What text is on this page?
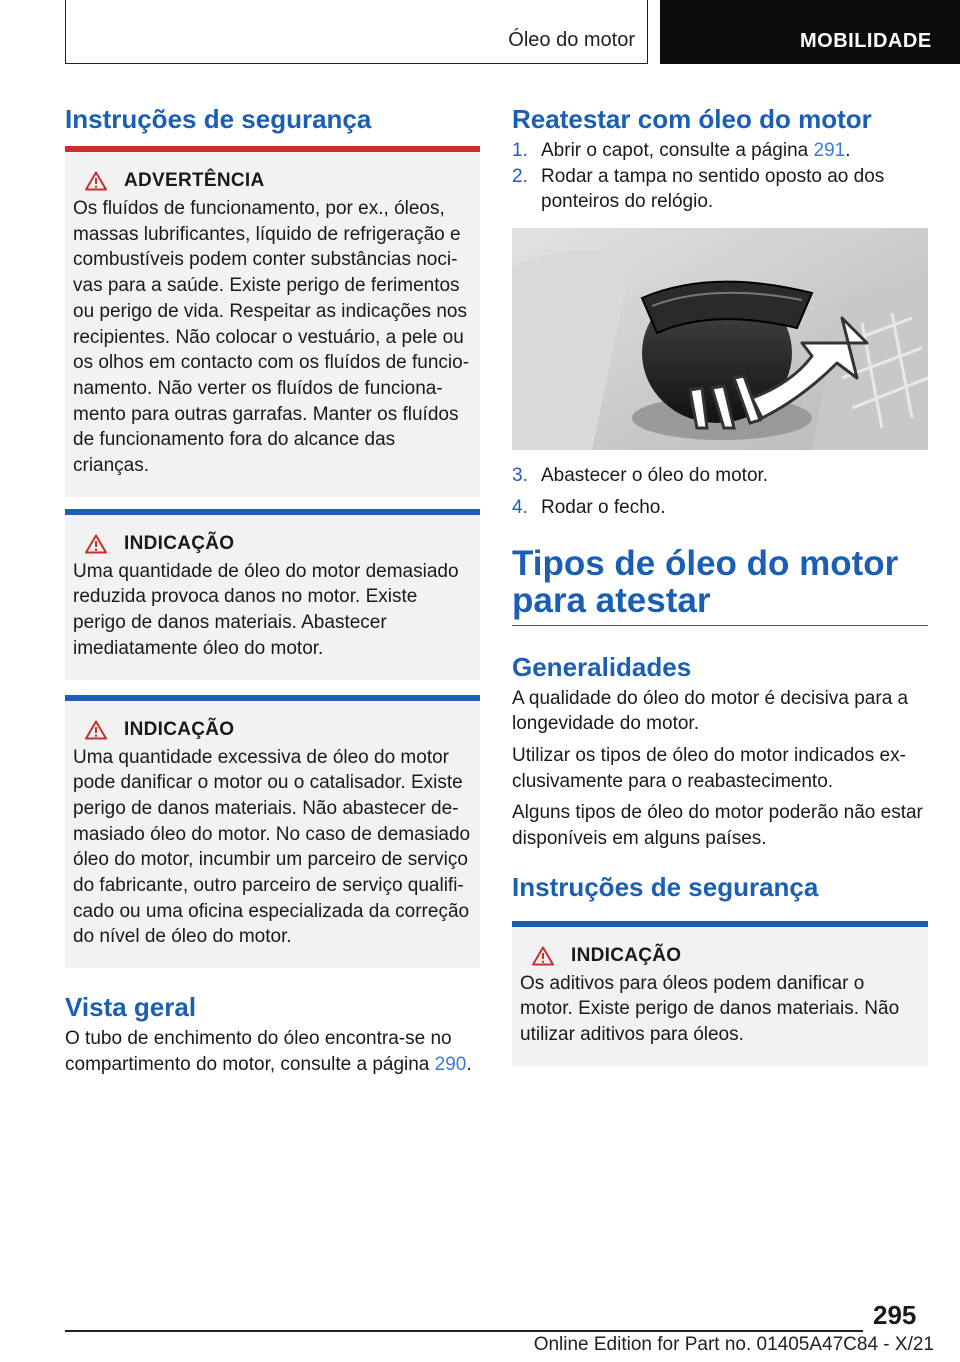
Óleo do motor	MOBILIDADE
Instruções de segurança
ADVERTÊNCIA

Os fluídos de funcionamento, por ex., óleos, massas lubrificantes, líquido de refrigeração e combustíveis podem conter substâncias noci-vas para a saúde. Existe perigo de ferimentos ou perigo de vida. Respeitar as indicações nos recipientes. Não colocar o vestuário, a pele ou os olhos em contacto com os fluídos de funcio-namento. Não verter os fluídos de funciona-mento para outras garrafas. Manter os fluídos de funcionamento fora do alcance das crianças.

INDICAÇÃO

Uma quantidade de óleo do motor demasiado reduzida provoca danos no motor. Existe perigo de danos materiais. Abastecer imediatamente óleo do motor.

INDICAÇÃO

Uma quantidade excessiva de óleo do motor pode danificar o motor ou o catalisador. Existe perigo de danos materiais. Não abastecer de-masiado óleo do motor. No caso de demasiado óleo do motor, incumbir um parceiro de serviço do fabricante, outro parceiro de serviço qualifi-cado ou uma oficina especializada da correção do nível de óleo do motor.

Vista geral

O tubo de enchimento do óleo encontra-se no compartimento do motor, consulte a página 290.

Reatestar com óleo do motor
1. Abrir o capot, consulte a página 291.
2. Rodar a tampa no sentido oposto ao dos ponteiros do relógio.
3. Abastecer o óleo do motor.
4. Rodar o fecho.
Tipos de óleo do motor
para atestar
Generalidades

A qualidade do óleo do motor é decisiva para a longevidade do motor.

Utilizar os tipos de óleo do motor indicados ex-clusivamente para o reabastecimento.

Alguns tipos de óleo do motor poderão não estar disponíveis em alguns países.

Instruções de segurança
INDICAÇÃO

Os aditivos para óleos podem danificar o motor. Existe perigo de danos materiais. Não utilizar aditivos para óleos.

295
Online Edition for Part no. 01405A47C84 - X/21
